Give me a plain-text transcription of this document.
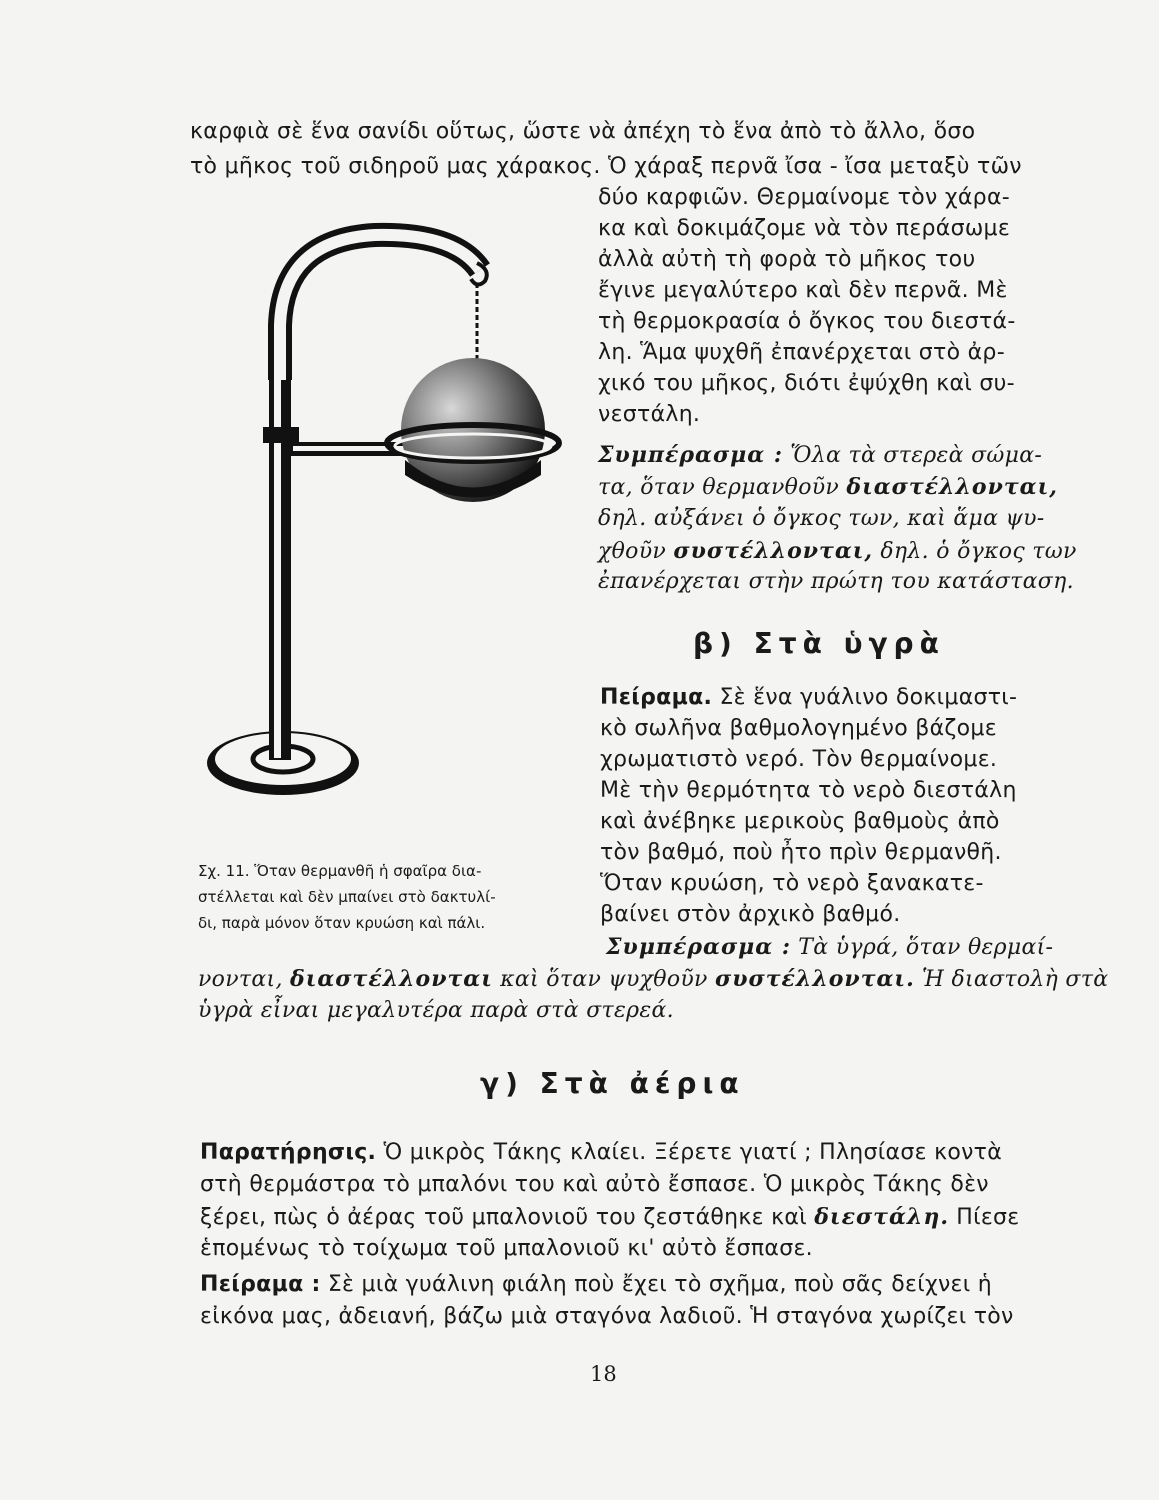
καρφιὰ σὲ ἕνα σανίδι οὕτως, ὥστε νὰ ἀπέχη τὸ ἕνα ἀπὸ τὸ ἄλλο, ὅσο
τὸ μῆκος τοῦ σιδηροῦ μας χάρακος. Ὁ χάραξ περνᾶ ἴσα - ἴσα μεταξὺ τῶν
δύο καρφιῶν. Θερμαίνομε τὸν χάρα-
κα καὶ δοκιμάζομε νὰ τὸν περάσωμε
ἀλλὰ αὐτὴ τὴ φορὰ τὸ μῆκος του
ἔγινε μεγαλύτερο καὶ δὲν περνᾶ. Μὲ
τὴ θερμοκρασία ὁ ὄγκος του διεστά-
λη. Ἅμα ψυχθῆ ἐπανέρχεται στὸ ἀρ-
χικό του μῆκος, διότι ἐψύχθη καὶ συ-
νεστάλη.
Συμπέρασμα : Ὅλα τὰ στερεὰ σώμα-
τα, ὅταν θερμανθοῦν διαστέλλονται,
δηλ. αὐξάνει ὁ ὄγκος των, καὶ ἅμα ψυ-
χθοῦν συστέλλονται, δηλ. ὁ ὄγκος των
ἐπανέρχεται στὴν πρώτη του κατάσταση.
β) Στὰ ὑγρὰ
Πείραμα. Σὲ ἕνα γυάλινο δοκιμαστι-
κὸ σωλῆνα βαθμολογημένο βάζομε
χρωματιστὸ νερό. Τὸν θερμαίνομε.
Μὲ τὴν θερμότητα τὸ νερὸ διεστάλη
καὶ ἀνέβηκε μερικοὺς βαθμοὺς ἀπὸ
τὸν βαθμό, ποὺ ἦτο πρὶν θερμανθῆ.
Ὅταν κρυώση, τὸ νερὸ ξανακατε-
βαίνει στὸν ἀρχικὸ βαθμό.
Συμπέρασμα : Τὰ ὑγρά, ὅταν θερμαί-
νονται, διαστέλλονται καὶ ὅταν ψυχθοῦν συστέλλονται. Ἡ διαστολὴ στὰ
ὑγρὰ εἶναι μεγαλυτέρα παρὰ στὰ στερεά.
Σχ. 11. Ὅταν θερμανθῆ ἡ σφαῖρα δια-
στέλλεται καὶ δὲν μπαίνει στὸ δακτυλί-
δι, παρὰ μόνον ὅταν κρυώση καὶ πάλι.
γ) Στὰ ἀέρια
Παρατήρησις. Ὁ μικρὸς Τάκης κλαίει. Ξέρετε γιατί ; Πλησίασε κοντὰ
στὴ θερμάστρα τὸ μπαλόνι του καὶ αὐτὸ ἔσπασε. Ὁ μικρὸς Τάκης δὲν
ξέρει, πὼς ὁ ἀέρας τοῦ μπαλονιοῦ του ζεστάθηκε καὶ διεστάλη. Πίεσε
ἑπομένως τὸ τοίχωμα τοῦ μπαλονιοῦ κι' αὐτὸ ἔσπασε.
Πείραμα : Σὲ μιὰ γυάλινη φιάλη ποὺ ἔχει τὸ σχῆμα, ποὺ σᾶς δείχνει ἡ
εἰκόνα μας, ἀδειανή, βάζω μιὰ σταγόνα λαδιοῦ. Ἡ σταγόνα χωρίζει τὸν
18
